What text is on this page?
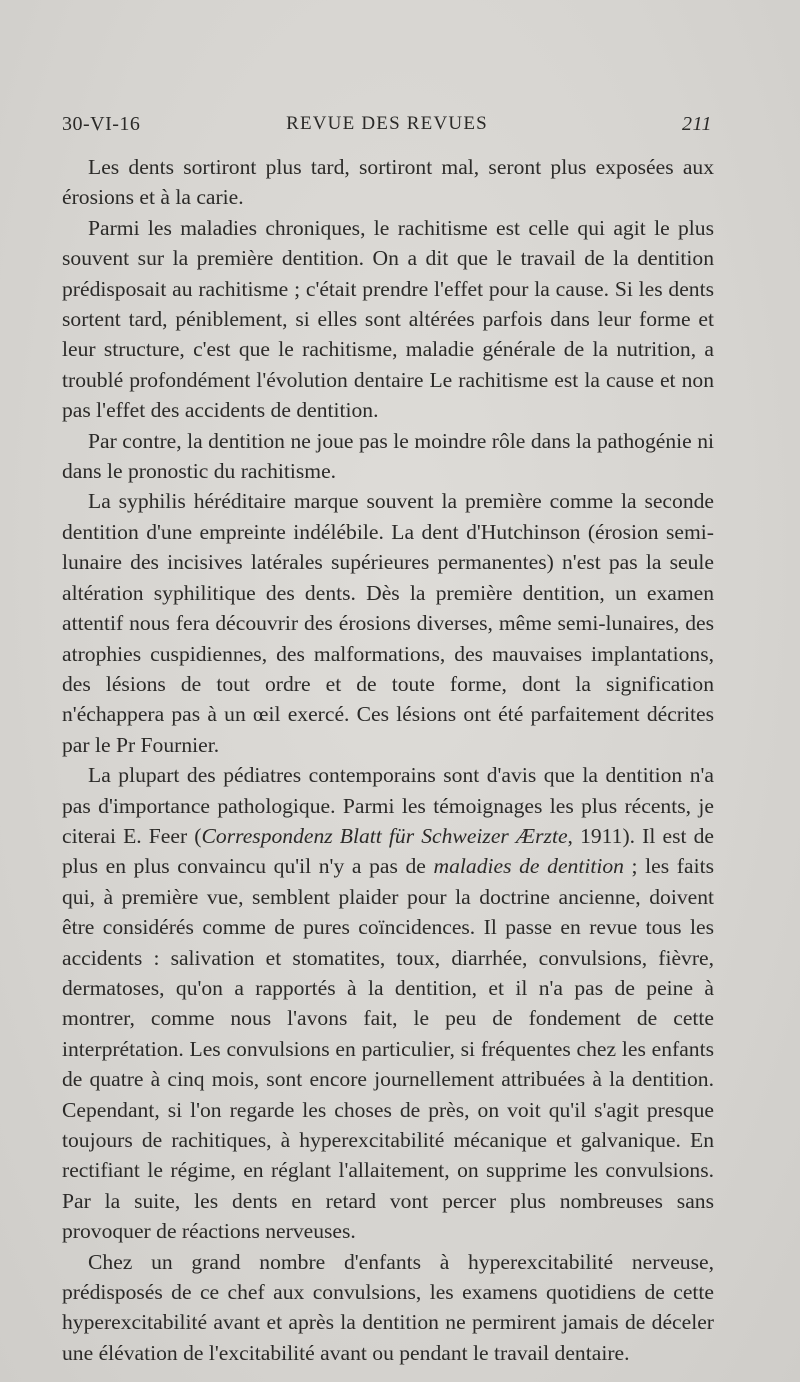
30-VI-16	REVUE DES REVUES	211

Les dents sortiront plus tard, sortiront mal, seront plus exposées aux érosions et à la carie.

Parmi les maladies chroniques, le rachitisme est celle qui agit le plus souvent sur la première dentition. On a dit que le travail de la dentition prédisposait au rachitisme ; c'était prendre l'effet pour la cause. Si les dents sortent tard, péniblement, si elles sont altérées parfois dans leur forme et leur structure, c'est que le rachitisme, maladie générale de la nutrition, a troublé profondément l'évolution dentaire Le rachitisme est la cause et non pas l'effet des accidents de dentition.

Par contre, la dentition ne joue pas le moindre rôle dans la pathogénie ni dans le pronostic du rachitisme.

La syphilis héréditaire marque souvent la première comme la seconde dentition d'une empreinte indélébile. La dent d'Hutchinson (érosion semi-lunaire des incisives latérales supérieures permanentes) n'est pas la seule altération syphilitique des dents. Dès la première dentition, un examen attentif nous fera découvrir des érosions diverses, même semi-lunaires, des atrophies cuspidiennes, des malformations, des mauvaises implantations, des lésions de tout ordre et de toute forme, dont la signification n'échappera pas à un œil exercé. Ces lésions ont été parfaitement décrites par le Pr Fournier.

La plupart des pédiatres contemporains sont d'avis que la dentition n'a pas d'importance pathologique. Parmi les témoignages les plus récents, je citerai E. Feer (Correspondenz Blatt für Schweizer Ærzte, 1911). Il est de plus en plus convaincu qu'il n'y a pas de maladies de dentition ; les faits qui, à première vue, semblent plaider pour la doctrine ancienne, doivent être considérés comme de pures coïncidences. Il passe en revue tous les accidents : salivation et stomatites, toux, diarrhée, convulsions, fièvre, dermatoses, qu'on a rapportés à la dentition, et il n'a pas de peine à montrer, comme nous l'avons fait, le peu de fondement de cette interprétation. Les convulsions en particulier, si fréquentes chez les enfants de quatre à cinq mois, sont encore journellement attribuées à la dentition. Cependant, si l'on regarde les choses de près, on voit qu'il s'agit presque toujours de rachitiques, à hyperexcitabilité mécanique et galvanique. En rectifiant le régime, en réglant l'allaitement, on supprime les convulsions. Par la suite, les dents en retard vont percer plus nombreuses sans provoquer de réactions nerveuses.

Chez un grand nombre d'enfants à hyperexcitabilité nerveuse, prédisposés de ce chef aux convulsions, les examens quotidiens de cette hyperexcitabilité avant et après la dentition ne permirent jamais de déceler une élévation de l'excitabilité avant ou pendant le travail dentaire.
